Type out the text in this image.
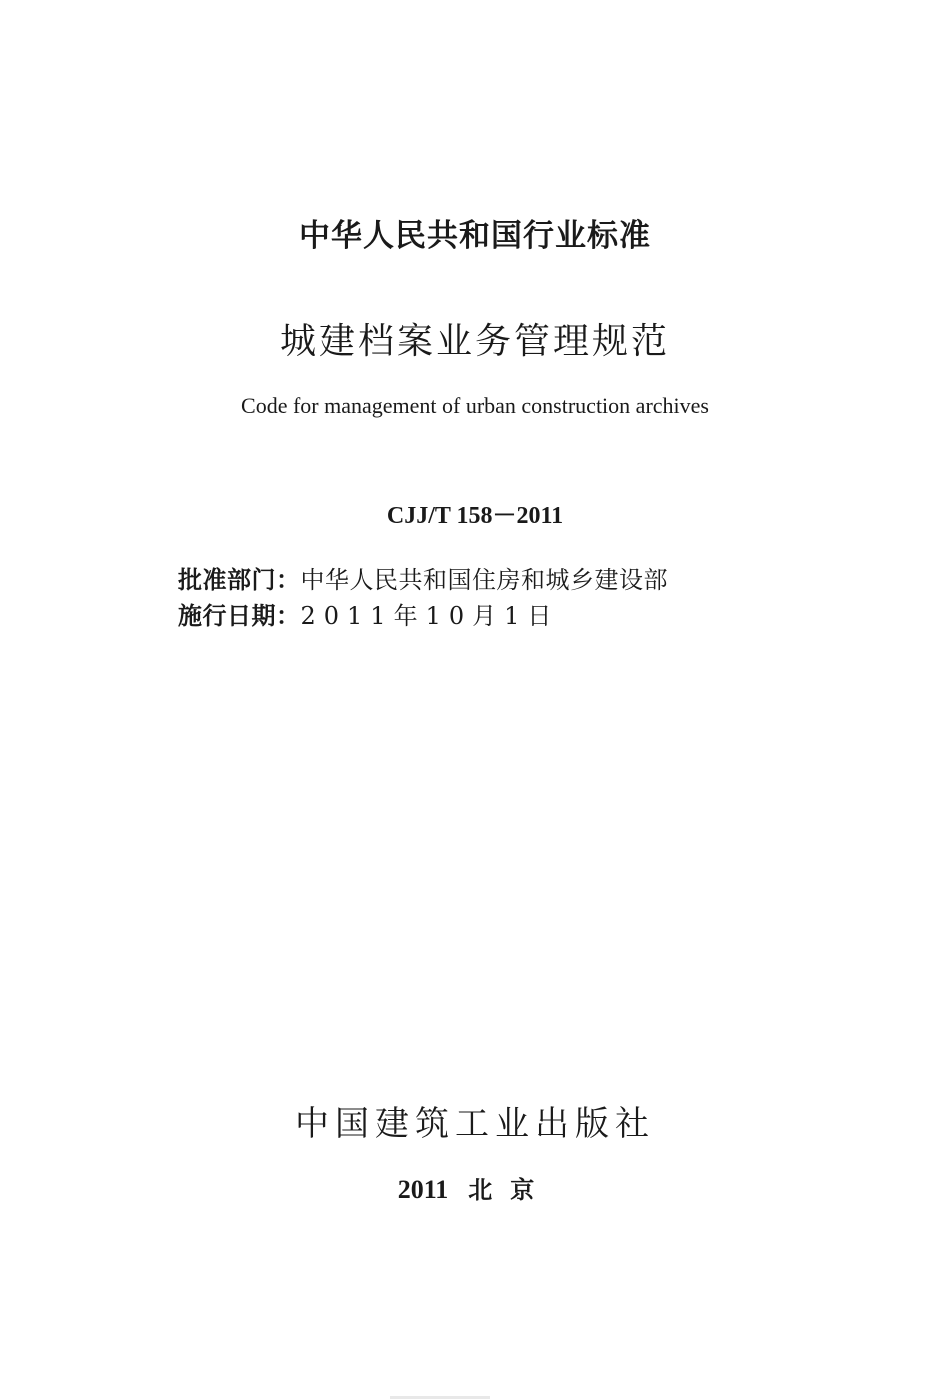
中华人民共和国行业标准
城建档案业务管理规范
Code for management of urban construction archives
CJJ/T 158－2011
批准部门： 中华人民共和国住房和城乡建设部
施行日期： 2011年10月1日
中国建筑工业出版社
2011 北京
